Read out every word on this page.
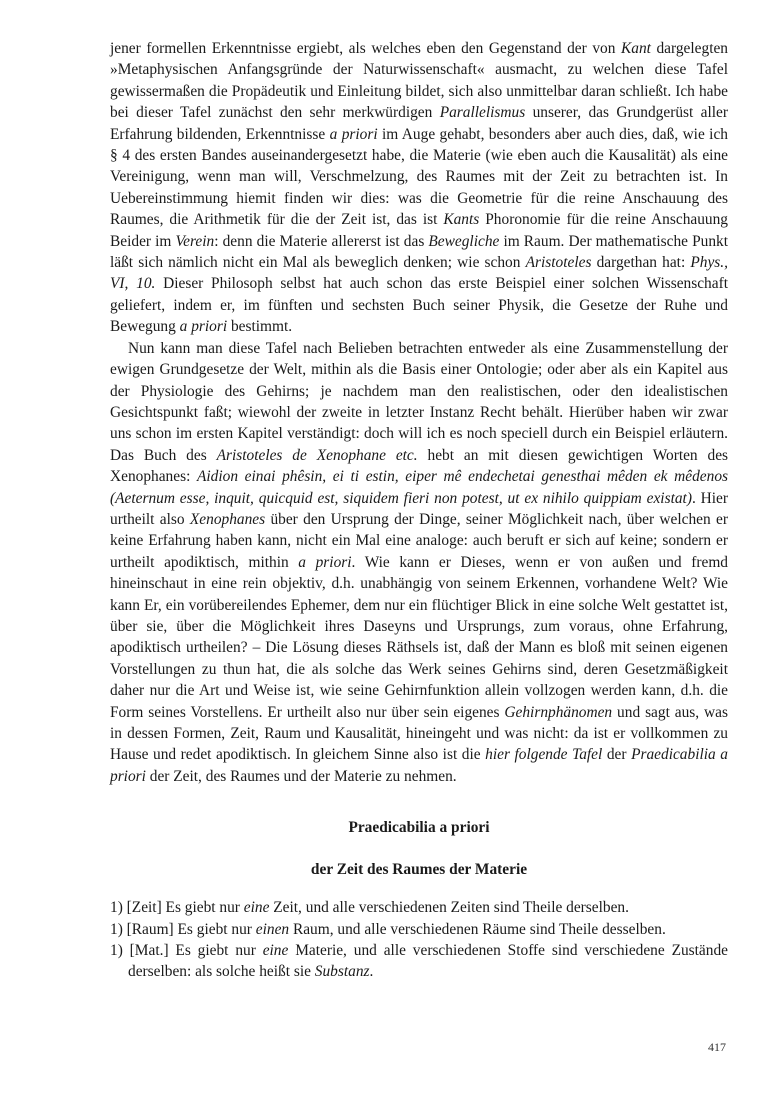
jener formellen Erkenntnisse ergiebt, als welches eben den Gegenstand der von Kant dargelegten »Metaphysischen Anfangsgründe der Naturwissenschaft« ausmacht, zu welchen diese Tafel gewissermaßen die Propädeutik und Einleitung bildet, sich also unmittelbar daran schließt. Ich habe bei dieser Tafel zunächst den sehr merkwürdigen Parallelismus unserer, das Grundgerüst aller Erfahrung bildenden, Erkenntnisse a priori im Auge gehabt, besonders aber auch dies, daß, wie ich § 4 des ersten Bandes auseinandergesetzt habe, die Materie (wie eben auch die Kausalität) als eine Vereinigung, wenn man will, Verschmelzung, des Raumes mit der Zeit zu betrachten ist. In Uebereinstimmung hiemit finden wir dies: was die Geometrie für die reine Anschauung des Raumes, die Arithmetik für die der Zeit ist, das ist Kants Phoronomie für die reine Anschauung Beider im Verein: denn die Materie allererst ist das Bewegliche im Raum. Der mathematische Punkt läßt sich nämlich nicht ein Mal als beweglich denken; wie schon Aristoteles dargethan hat: Phys., VI, 10. Dieser Philosoph selbst hat auch schon das erste Beispiel einer solchen Wissenschaft geliefert, indem er, im fünften und sechsten Buch seiner Physik, die Gesetze der Ruhe und Bewegung a priori bestimmt.

Nun kann man diese Tafel nach Belieben betrachten entweder als eine Zusammenstellung der ewigen Grundgesetze der Welt, mithin als die Basis einer Ontologie; oder aber als ein Kapitel aus der Physiologie des Gehirns; je nachdem man den realistischen, oder den idealistischen Gesichtspunkt faßt; wiewohl der zweite in letzter Instanz Recht behält. Hierüber haben wir zwar uns schon im ersten Kapitel verständigt: doch will ich es noch speciell durch ein Beispiel erläutern. Das Buch des Aristoteles de Xenophane etc. hebt an mit diesen gewichtigen Worten des Xenophanes: Aidion einai phêsin, ei ti estin, eiper mê endechetai genesthai mêden ek mêdenos (Aeternum esse, inquit, quicquid est, siquidem fieri non potest, ut ex nihilo quippiam existat). Hier urtheilt also Xenophanes über den Ursprung der Dinge, seiner Möglichkeit nach, über welchen er keine Erfahrung haben kann, nicht ein Mal eine analoge: auch beruft er sich auf keine; sondern er urtheilt apodiktisch, mithin a priori. Wie kann er Dieses, wenn er von außen und fremd hineinschaut in eine rein objektiv, d.h. unabhängig von seinem Erkennen, vorhandene Welt? Wie kann Er, ein vorübereilendes Ephemer, dem nur ein flüchtiger Blick in eine solche Welt gestattet ist, über sie, über die Möglichkeit ihres Daseyns und Ursprungs, zum voraus, ohne Erfahrung, apodiktisch urtheilen? – Die Lösung dieses Räthsels ist, daß der Mann es bloß mit seinen eigenen Vorstellungen zu thun hat, die als solche das Werk seines Gehirns sind, deren Gesetzmäßigkeit daher nur die Art und Weise ist, wie seine Gehirnfunktion allein vollzogen werden kann, d.h. die Form seines Vorstellens. Er urtheilt also nur über sein eigenes Gehirnphänomen und sagt aus, was in dessen Formen, Zeit, Raum und Kausalität, hineingeht und was nicht: da ist er vollkommen zu Hause und redet apodiktisch. In gleichem Sinne also ist die hier folgende Tafel der Praedicabilia a priori der Zeit, des Raumes und der Materie zu nehmen.

Praedicabilia a priori
der Zeit des Raumes der Materie
1) [Zeit] Es giebt nur eine Zeit, und alle verschiedenen Zeiten sind Theile derselben.
1) [Raum] Es giebt nur einen Raum, und alle verschiedenen Räume sind Theile desselben.
1) [Mat.] Es giebt nur eine Materie, und alle verschiedenen Stoffe sind verschiedene Zustände derselben: als solche heißt sie Substanz.
417
